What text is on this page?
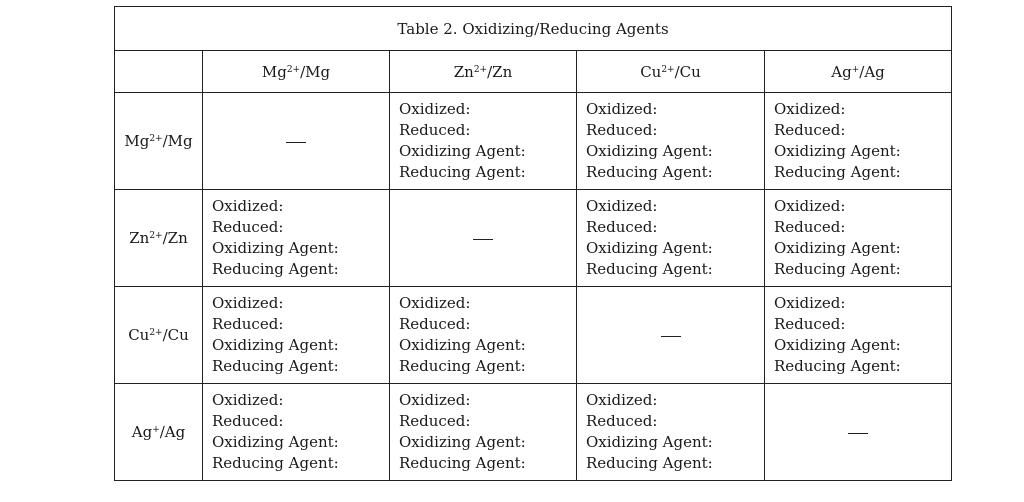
Table 2. Oxidizing/Reducing Agents				
	$Mg^{2+}/Mg$	$Zn^{2+}/Zn$	$Cu^{2+}/Cu$	Ag+/Ag
$Mg^{2+}/Mg$		Oxidized:
Reduced:
Oxidizing Agent:
Reducing Agent:	Oxidized:
Reduced:
Oxidizing Agent:
Reducing Agent:	Oxidized:
Reduced:
Oxidizing Agent:
Reducing Agent:

$Zn^{2+}/Zn$	Oxidized:
Reduced:
Oxidizing Agent:
Reducing Agent:		Oxidized:
Reduced:
Oxidizing Agent:
Reducing Agent:	Oxidized:
Reduced:
Oxidizing Agent:
Reducing Agent:

$Cu^{2+}/Cu$	Oxidized:
Reduced:
Oxidizing Agent:
Reducing Agent:	Oxidized:
Reduced:
Oxidizing Agent:
Reducing Agent:		Oxidized:
Reduced:
Oxidizing Agent:
Reducing Agent:

Ag+/Ag	Oxidized:
Reduced:
Oxidizing Agent:
Reducing Agent:	Oxidized:
Reduced:
Oxidizing Agent:
Reducing Agent:	Oxidized:
Reduced:
Oxidizing Agent:
Reducing Agent:	
